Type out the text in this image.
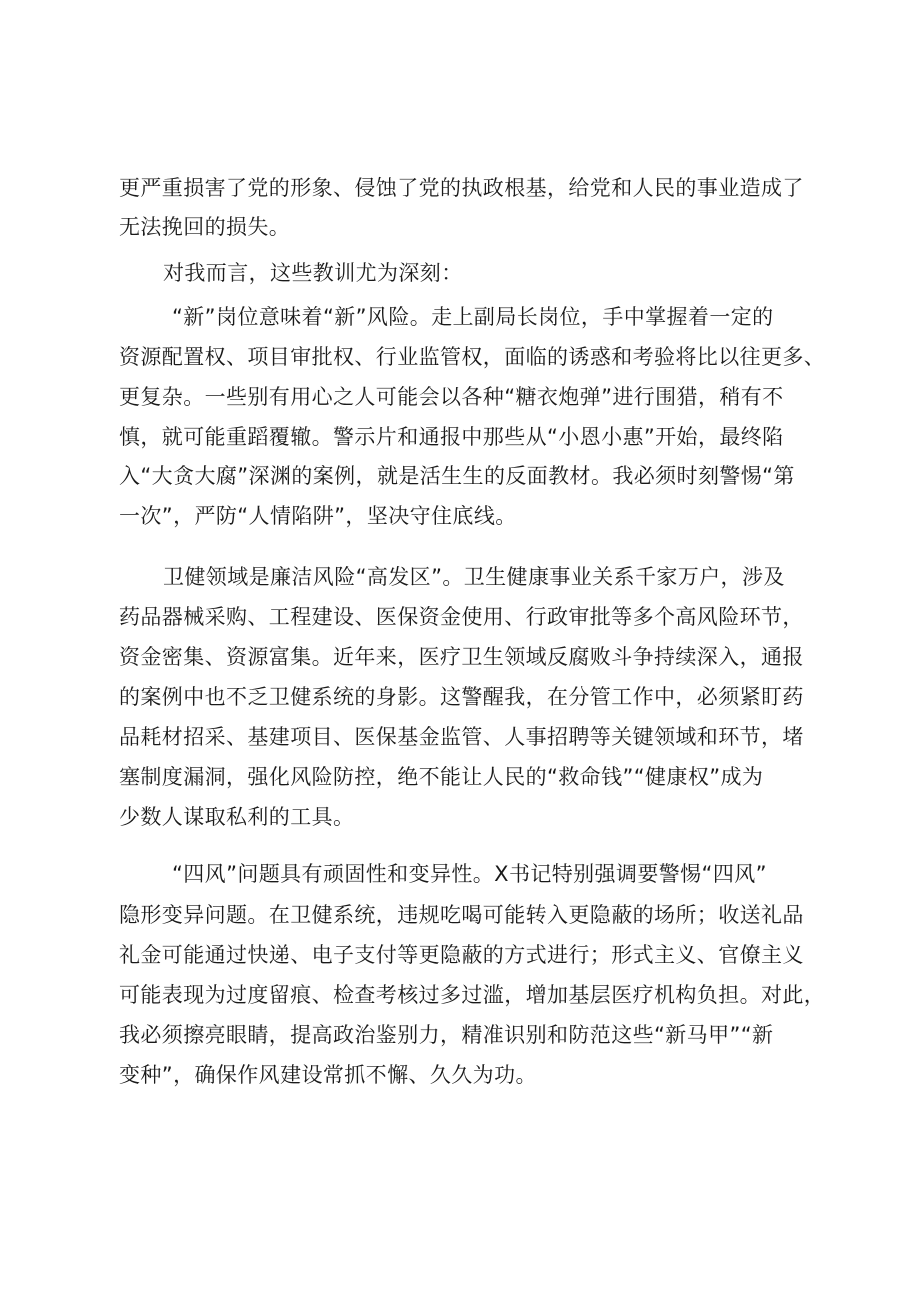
更严重损害了党的形象、侵蚀了党的执政根基，给党和人民的事业造成了
无法挽回的损失。
对我而言，这些教训尤为深刻：
“新”岗位意味着“新”风险。走上副局长岗位，手中掌握着一定的
资源配置权、项目审批权、行业监管权，面临的诱惑和考验将比以往更多、
更复杂。一些别有用心之人可能会以各种“糖衣炮弹”进行围猎，稍有不
慎，就可能重蹈覆辙。警示片和通报中那些从“小恩小惠”开始，最终陷
入“大贪大腐”深渊的案例，就是活生生的反面教材。我必须时刻警惕“第
一次”，严防“人情陷阱”，坚决守住底线。
卫健领域是廉洁风险“高发区”。卫生健康事业关系千家万户，涉及
药品器械采购、工程建设、医保资金使用、行政审批等多个高风险环节，
资金密集、资源富集。近年来，医疗卫生领域反腐败斗争持续深入，通报
的案例中也不乏卫健系统的身影。这警醒我，在分管工作中，必须紧盯药
品耗材招采、基建项目、医保基金监管、人事招聘等关键领域和环节，堵
塞制度漏洞，强化风险防控，绝不能让人民的“救命钱”“健康权”成为
少数人谋取私利的工具。
“四风”问题具有顽固性和变异性。X书记特别强调要警惕“四风”
隐形变异问题。在卫健系统，违规吃喝可能转入更隐蔽的场所；收送礼品
礼金可能通过快递、电子支付等更隐蔽的方式进行；形式主义、官僚主义
可能表现为过度留痕、检查考核过多过滥，增加基层医疗机构负担。对此，
我必须擦亮眼睛，提高政治鉴别力，精准识别和防范这些“新马甲”“新
变种”，确保作风建设常抓不懈、久久为功。
